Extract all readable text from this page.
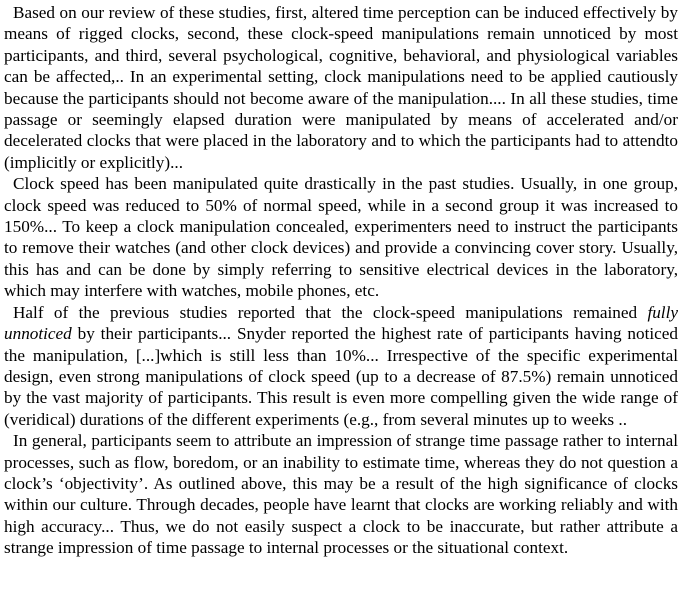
Based on our review of these studies, first, altered time perception can be induced effectively by means of rigged clocks, second, these clock-speed manipulations remain unnoticed by most participants, and third, several psychological, cognitive, behavioral, and physiological variables can be affected,.. In an experimental setting, clock manipulations need to be applied cautiously because the participants should not become aware of the manipulation.... In all these studies, time passage or seemingly elapsed duration were manipulated by means of accelerated and/or decelerated clocks that were placed in the laboratory and to which the participants had to attendto (implicitly or explicitly)...

Clock speed has been manipulated quite drastically in the past studies. Usually, in one group, clock speed was reduced to 50% of normal speed, while in a second group it was increased to 150%... To keep a clock manipulation concealed, experimenters need to instruct the participants to remove their watches (and other clock devices) and provide a convincing cover story. Usually, this has and can be done by simply referring to sensitive electrical devices in the laboratory, which may interfere with watches, mobile phones, etc.

Half of the previous studies reported that the clock-speed manipulations remained fully unnoticed by their participants... Snyder reported the highest rate of participants having noticed the manipulation, [...]which is still less than 10%... Irrespective of the specific experimental design, even strong manipulations of clock speed (up to a decrease of 87.5%) remain unnoticed by the vast majority of participants. This result is even more compelling given the wide range of (veridical) durations of the different experiments (e.g., from several minutes up to weeks ..

In general, participants seem to attribute an impression of strange time passage rather to internal processes, such as flow, boredom, or an inability to estimate time, whereas they do not question a clock’s ‘objectivity’. As outlined above, this may be a result of the high significance of clocks within our culture. Through decades, people have learnt that clocks are working reliably and with high accuracy... Thus, we do not easily suspect a clock to be inaccurate, but rather attribute a strange impression of time passage to internal processes or the situational context.
